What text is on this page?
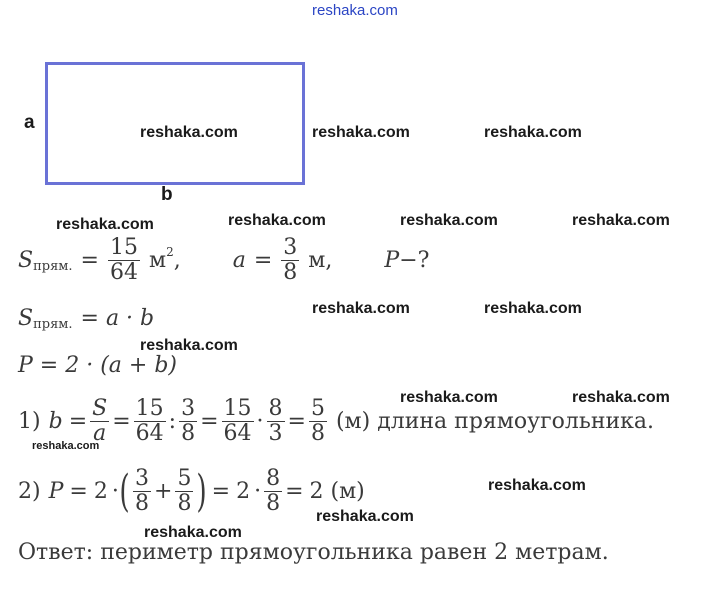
reshaka.com
reshaka.com	reshaka.com	reshaka.com
reshaka.com	reshaka.com	reshaka.com	reshaka.com
reshaka.com	reshaka.com
reshaka.com
reshaka.com	reshaka.com
reshaka.com
reshaka.com
reshaka.com
reshaka.com
a
b
S прям. = $\frac{15}{64}$ м 2 , $a = \frac{3}{8} м$, P −?
S прям. = a · b
P = 2 · (a + b)
1) $b = \frac{S}{a} = \frac{15}{64}$ : $\frac{3}{8} = \frac{15}{64} \cdot \frac{8}{3} = \frac{5}{8} (м)$ длина прямоугольника.
2) P = 2 · ( $\frac{3}{8} + \frac{5}{8}$ ) = $2 \cdot \frac{8}{8} = 2$ (м)
Ответ: периметр прямоугольника равен 2 метрам.
